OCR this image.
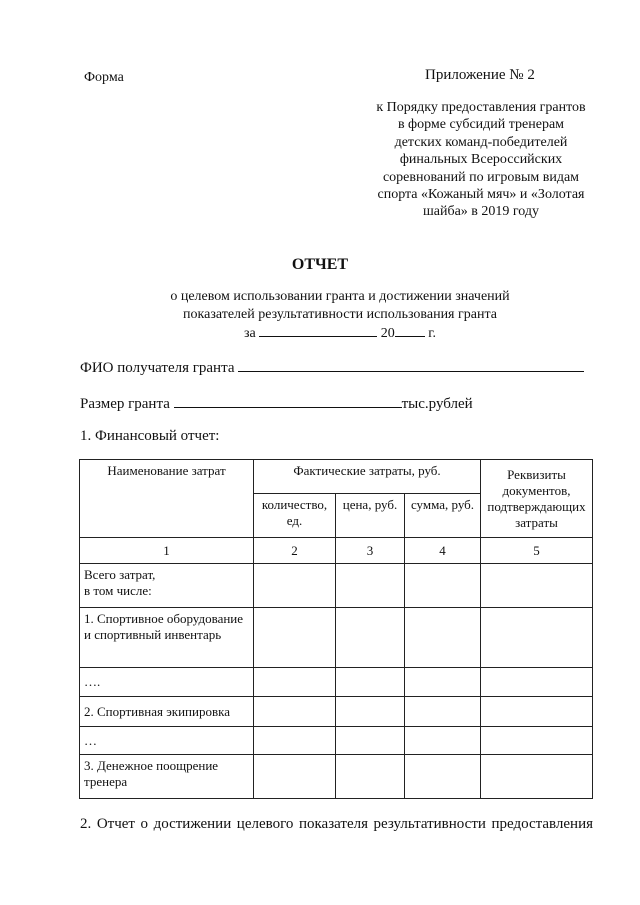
Форма	Приложение № 2
к Порядку предоставления грантов
в форме субсидий тренерам
детских команд-победителей
финальных Всероссийских
соревнований по игровым видам
спорта «Кожаный мяч» и «Золотая
шайба» в 2019 году
ОТЧЕТ
о целевом использовании гранта и достижении значений
показателей результативности использования гранта
за	20 г.
ФИО получателя гранта
Размер гранта	тыс.рублей
1. Финансовый отчет:
Наименование затрат	Фактические затраты, руб.			Реквизиты документов, подтверждающих затраты
	количество, ед.	цена, руб.	сумма, руб.	
1	2	3	4	5
Всего затрат,
в том числе:				
1. Спортивное оборудование и спортивный инвентарь				
….				
2. Спортивная экипировка				
…				
3. Денежное поощрение тренера				
2. Отчет о достижении целевого показателя результативности предоставления
